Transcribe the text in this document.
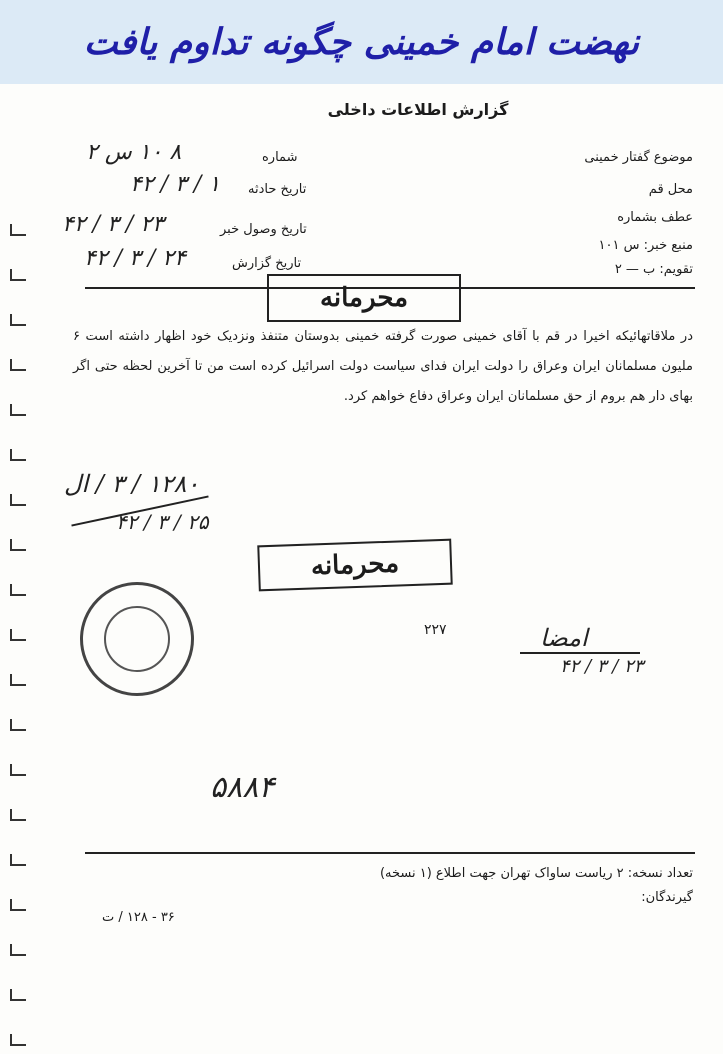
نهضت امام خمینی چگونه تداوم یافت
گزارش اطلاعات داخلی
موضوع گفتار خمینی
محل قم
عطف بشماره
منبع خبر: س ۱۰۱
تقویم: ب — ۲
شماره
۸ ۱۰ س ۲
تاریخ حادثه
۱ / ۳ / ۴۲
تاریخ وصول خبر
۲۳ / ۳ / ۴۲
تاریخ گزارش
۲۴ / ۳ / ۴۲
محرمانه
در ملاقاتهائیکه اخیرا در قم با آقای خمینی صورت گرفته خمینی بدوستان متنفذ ونزدیک خود اظهار داشته است ۶ ملیون مسلمانان ایران وعراق را دولت ایران فدای سیاست دولت اسرائیل کرده است من تا آخرین لحظه حتی اگر بهای دار هم بروم از حق مسلمانان ایران وعراق دفاع خواهم کرد.
۱۲۸۰ / ۳ / ال
۲۵ / ۳ / ۴۲
محرمانه
۲۲۷	امضا
۲۳ / ۳ / ۴۲
۵۸۸۴
تعداد نسخه: ۲ ریاست ساواک تهران جهت اطلاع (۱ نسخه)
گیرندگان:
۳۶ - ۱۲۸ / ت
